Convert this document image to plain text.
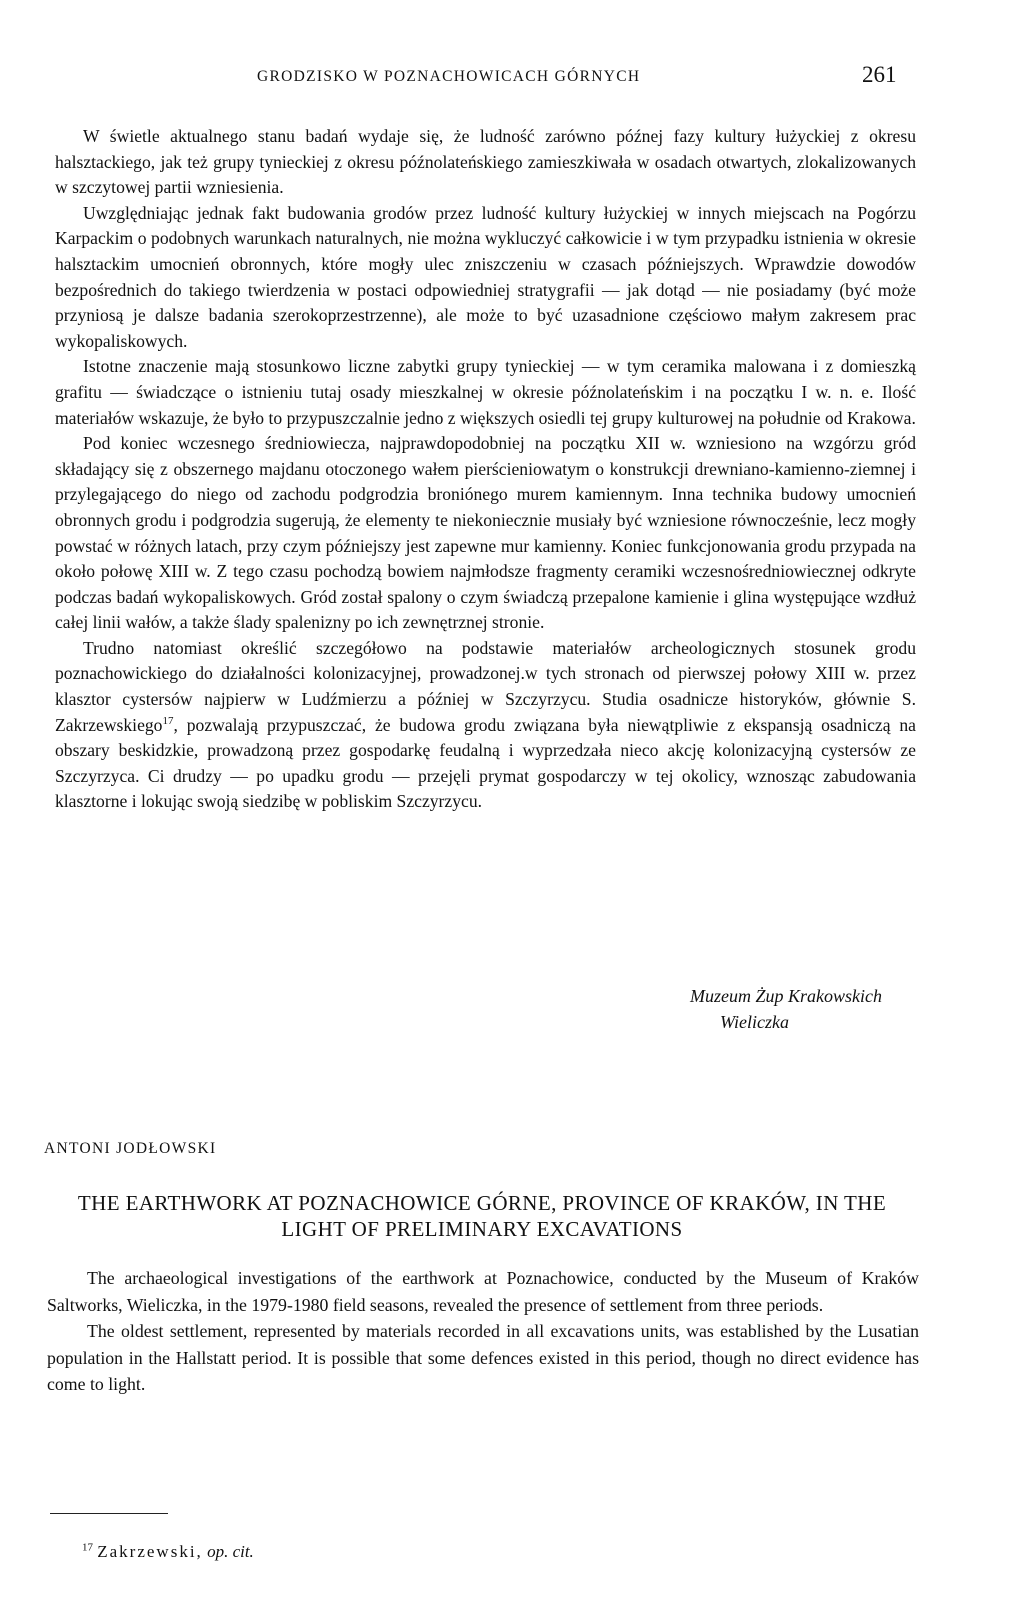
GRODZISKO W POZNACHOWICACH GÓRNYCH	261

W świetle aktualnego stanu badań wydaje się, że ludność zarówno późnej fazy kultury łużyckiej z okresu halsztackiego, jak też grupy tynieckiej z okresu późnolateńskiego zamieszkiwała w osadach otwartych, zlokalizowanych w szczytowej partii wzniesienia.

Uwzględniając jednak fakt budowania grodów przez ludność kultury łużyckiej w innych miejscach na Pogórzu Karpackim o podobnych warunkach naturalnych, nie można wykluczyć całkowicie i w tym przypadku istnienia w okresie halsztackim umocnień obronnych, które mogły ulec zniszczeniu w czasach późniejszych. Wprawdzie dowodów bezpośrednich do takiego twierdzenia w postaci odpowiedniej stratygrafii — jak dotąd — nie posiadamy (być może przyniosą je dalsze badania szerokoprzestrzenne), ale może to być uzasadnione częściowo małym zakresem prac wykopaliskowych.

Istotne znaczenie mają stosunkowo liczne zabytki grupy tynieckiej — w tym ceramika malowana i z domieszką grafitu — świadczące o istnieniu tutaj osady mieszkalnej w okresie późnolateńskim i na początku I w. n. e. Ilość materiałów wskazuje, że było to przypuszczalnie jedno z większych osiedli tej grupy kulturowej na południe od Krakowa.

Pod koniec wczesnego średniowiecza, najprawdopodobniej na początku XII w. wzniesiono na wzgórzu gród składający się z obszernego majdanu otoczonego wałem pierścieniowatym o konstrukcji drewniano-kamienno-ziemnej i przylegającego do niego od zachodu podgrodzia broniónego murem kamiennym. Inna technika budowy umocnień obronnych grodu i podgrodzia sugerują, że elementy te niekoniecznie musiały być wzniesione równocześnie, lecz mogły powstać w różnych latach, przy czym późniejszy jest zapewne mur kamienny. Koniec funkcjonowania grodu przypada na około połowę XIII w. Z tego czasu pochodzą bowiem najmłodsze fragmenty ceramiki wczesnośredniowiecznej odkryte podczas badań wykopaliskowych. Gród został spalony o czym świadczą przepalone kamienie i glina występujące wzdłuż całej linii wałów, a także ślady spalenizny po ich zewnętrznej stronie.

Trudno natomiast określić szczegółowo na podstawie materiałów archeologicznych stosunek grodu poznachowickiego do działalności kolonizacyjnej, prowadzonej.w tych stronach od pierwszej połowy XIII w. przez klasztor cystersów najpierw w Ludźmierzu a później w Szczyrzycu. Studia osadnicze historyków, głównie S. Zakrzewskiego$^{17}$, pozwalają przypuszczać, że budowa grodu związana była niewątpliwie z ekspansją osadniczą na obszary beskidzkie, prowadzoną przez gospodarkę feudalną i wyprzedzała nieco akcję kolonizacyjną cystersów ze Szczyrzyca. Ci drudzy — po upadku grodu — przejęli prymat gospodarczy w tej okolicy, wznosząc zabudowania klasztorne i lokując swoją siedzibę w pobliskim Szczyrzycu.

Muzeum Żup Krakowskich
Wieliczka
ANTONI JODŁOWSKI
THE EARTHWORK AT POZNACHOWICE GÓRNE, PROVINCE OF KRAKÓW, IN THE LIGHT OF PRELIMINARY EXCAVATIONS

The archaeological investigations of the earthwork at Poznachowice, conducted by the Museum of Kraków Saltworks, Wieliczka, in the 1979-1980 field seasons, revealed the presence of settlement from three periods.

The oldest settlement, represented by materials recorded in all excavations units, was established by the Lusatian population in the Hallstatt period. It is possible that some defences existed in this period, though no direct evidence has come to light.

$^{17}$ Zakrzewski, op. cit.
